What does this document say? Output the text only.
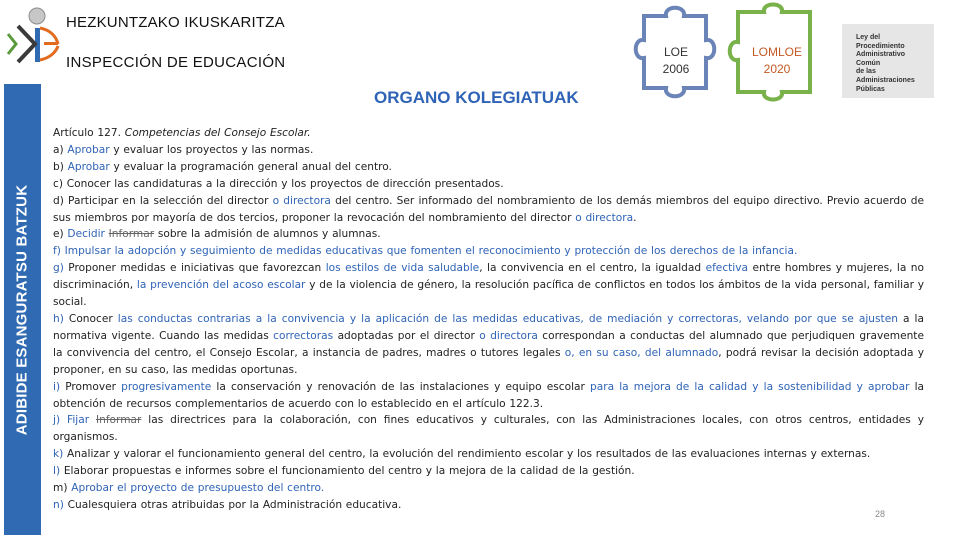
HEZKUNTZAKO IKUSKARITZA
INSPECCIÓN DE EDUCACIÓN
ADIBIDE ESANGURATSU BATZUK
ORGANO KOLEGIATUAK
LOE
2006
LOMLOE
2020
Ley del
Procedimiento
Administrativo Común
de las Administraciones
Públicas

Artículo 127. Competencias del Consejo Escolar.

a) Aprobar y evaluar los proyectos y las normas.

b) Aprobar y evaluar la programación general anual del centro.

c) Conocer las candidaturas a la dirección y los proyectos de dirección presentados.

d) Participar en la selección del director o directora del centro. Ser informado del nombramiento de los demás miembros del equipo directivo. Previo acuerdo de sus miembros por mayoría de dos tercios, proponer la revocación del nombramiento del director o directora.

e) Decidir Informar sobre la admisión de alumnos y alumnas.

f) Impulsar la adopción y seguimiento de medidas educativas que fomenten el reconocimiento y protección de los derechos de la infancia.

g) Proponer medidas e iniciativas que favorezcan los estilos de vida saludable, la convivencia en el centro, la igualdad efectiva entre hombres y mujeres, la no discriminación, la prevención del acoso escolar y de la violencia de género, la resolución pacífica de conflictos en todos los ámbitos de la vida personal, familiar y social.

h) Conocer las conductas contrarias a la convivencia y la aplicación de las medidas educativas, de mediación y correctoras, velando por que se ajusten a la normativa vigente. Cuando las medidas correctoras adoptadas por el director o directora correspondan a conductas del alumnado que perjudiquen gravemente la convivencia del centro, el Consejo Escolar, a instancia de padres, madres o tutores legales o, en su caso, del alumnado, podrá revisar la decisión adoptada y proponer, en su caso, las medidas oportunas.

i) Promover progresivamente la conservación y renovación de las instalaciones y equipo escolar para la mejora de la calidad y la sostenibilidad y aprobar la obtención de recursos complementarios de acuerdo con lo establecido en el artículo 122.3.

j) Fijar Informar las directrices para la colaboración, con fines educativos y culturales, con las Administraciones locales, con otros centros, entidades y organismos.

k) Analizar y valorar el funcionamiento general del centro, la evolución del rendimiento escolar y los resultados de las evaluaciones internas y externas.

l) Elaborar propuestas e informes sobre el funcionamiento del centro y la mejora de la calidad de la gestión.

m) Aprobar el proyecto de presupuesto del centro.

n) Cualesquiera otras atribuidas por la Administración educativa.

28
